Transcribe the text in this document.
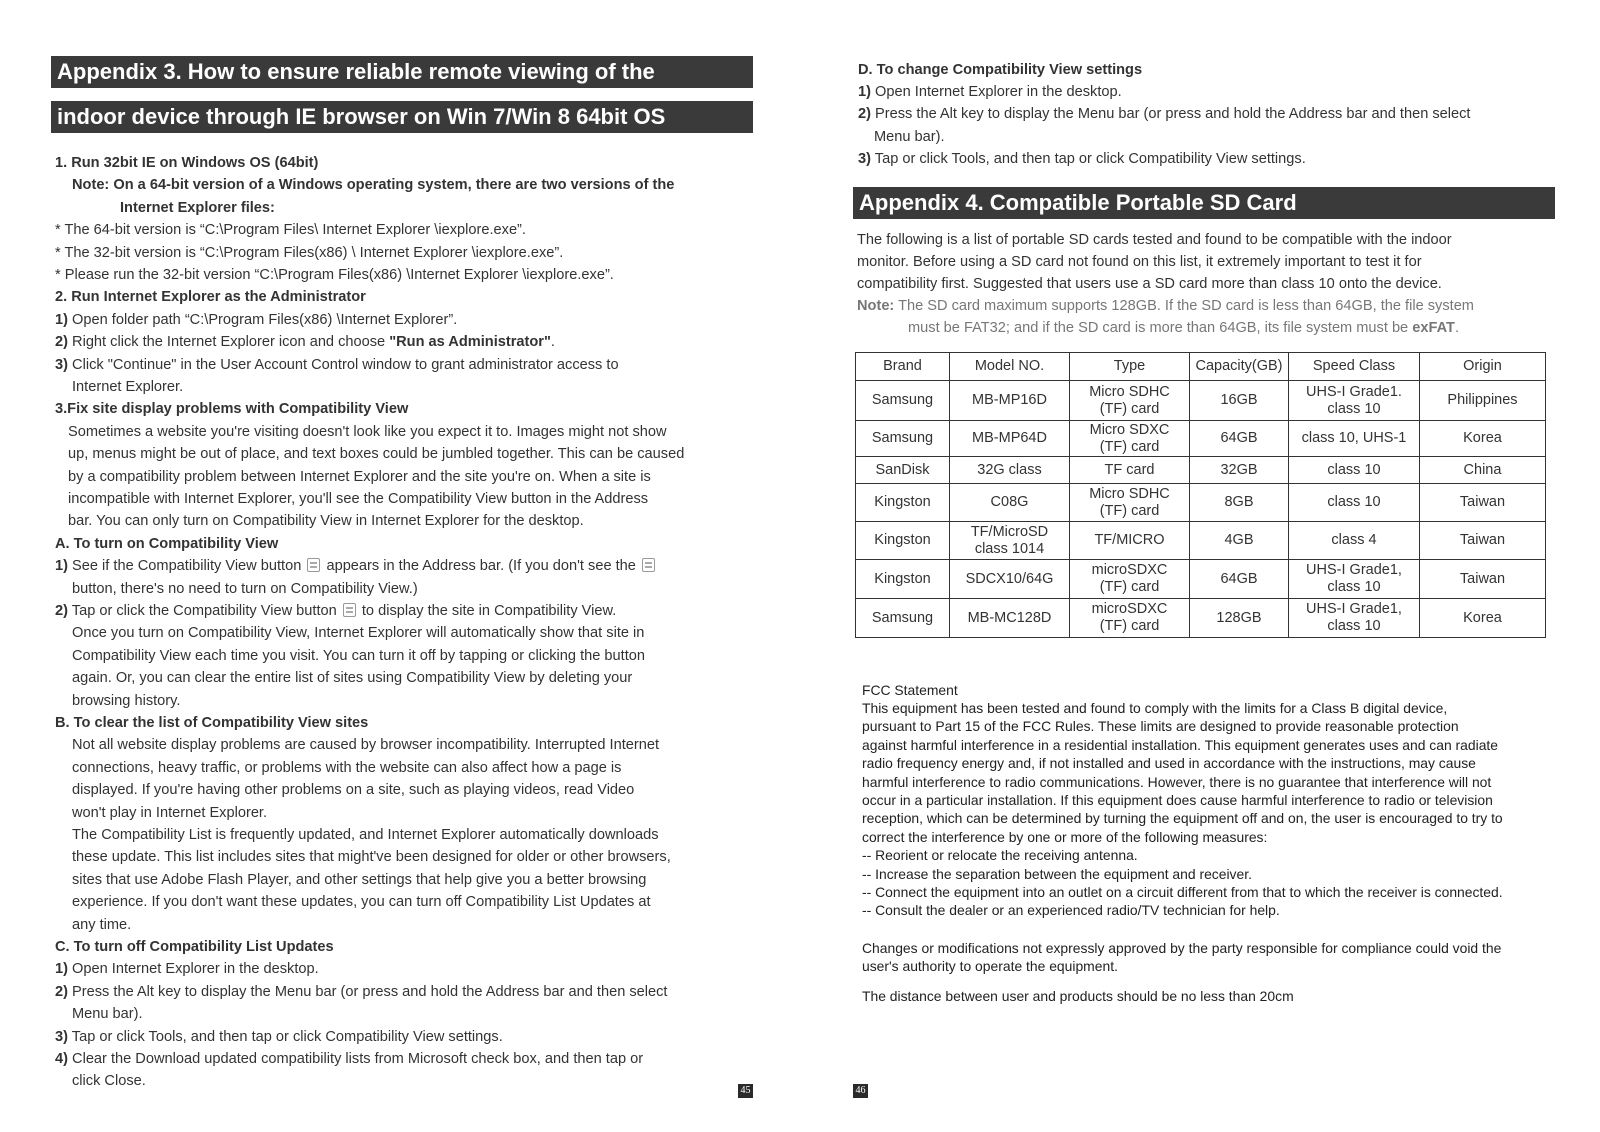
Appendix 3. How to ensure reliable remote viewing of the
indoor device through IE browser on Win 7/Win 8 64bit OS
1. Run 32bit IE on Windows OS (64bit)
Note: On a 64-bit version of a Windows operating system, there are two versions of the
Internet Explorer files:
* The 64-bit version is “C:\Program Files\ Internet Explorer \iexplore.exe”.
* The 32-bit version is “C:\Program Files(x86) \ Internet Explorer \iexplore.exe”.
* Please run the 32-bit version “C:\Program Files(x86) \Internet Explorer \iexplore.exe”.
2. Run Internet Explorer as the Administrator
1) Open folder path “C:\Program Files(x86) \Internet Explorer”.
2) Right click the Internet Explorer icon and choose "Run as Administrator".
3) Click "Continue" in the User Account Control window to grant administrator access to
Internet Explorer.
3.Fix site display problems with Compatibility View
Sometimes a website you're visiting doesn't look like you expect it to. Images might not show
up, menus might be out of place, and text boxes could be jumbled together. This can be caused
by a compatibility problem between Internet Explorer and the site you're on. When a site is
incompatible with Internet Explorer, you'll see the Compatibility View button in the Address
bar. You can only turn on Compatibility View in Internet Explorer for the desktop.
A. To turn on Compatibility View
1) See if the Compatibility View button  appears in the Address bar. (If you don't see the
button, there's no need to turn on Compatibility View.)
2) Tap or click the Compatibility View button  to display the site in Compatibility View.
Once you turn on Compatibility View, Internet Explorer will automatically show that site in
Compatibility View each time you visit. You can turn it off by tapping or clicking the button
again. Or, you can clear the entire list of sites using Compatibility View by deleting your
browsing history.
B. To clear the list of Compatibility View sites
Not all website display problems are caused by browser incompatibility. Interrupted Internet
connections, heavy traffic, or problems with the website can also affect how a page is
displayed. If you're having other problems on a site, such as playing videos, read Video
won't play in Internet Explorer.
The Compatibility List is frequently updated, and Internet Explorer automatically downloads
these update. This list includes sites that might've been designed for older or other browsers,
sites that use Adobe Flash Player, and other settings that help give you a better browsing
experience. If you don't want these updates, you can turn off Compatibility List Updates at
any time.
C. To turn off Compatibility List Updates
1) Open Internet Explorer in the desktop.
2) Press the Alt key to display the Menu bar (or press and hold the Address bar and then select
Menu bar).
3) Tap or click Tools, and then tap or click Compatibility View settings.
4) Clear the Download updated compatibility lists from Microsoft check box, and then tap or
click Close.
45
D. To change Compatibility View settings
1) Open Internet Explorer in the desktop.
2) Press the Alt key to display the Menu bar (or press and hold the Address bar and then select
Menu bar).
3) Tap or click Tools, and then tap or click Compatibility View settings.
Appendix 4. Compatible Portable SD Card
The following is a list of portable SD cards tested and found to be compatible with the indoor
monitor. Before using a SD card not found on this list, it extremely important to test it for
compatibility first. Suggested that users use a SD card more than class 10 onto the device.
Note: The SD card maximum supports 128GB. If the SD card is less than 64GB, the file system
must be FAT32; and if the SD card is more than 64GB, its file system must be exFAT.
46
Brand	Model NO.	Type	Capacity(GB)	Speed Class	Origin
Samsung	MB-MP16D	Micro SDHC
(TF) card	16GB	UHS-I Grade1.
class 10	Philippines
Samsung	MB-MP64D	Micro SDXC
(TF) card	64GB	class 10, UHS-1	Korea
SanDisk	32G class	TF card	32GB	class 10	China
Kingston	C08G	Micro SDHC
(TF) card	8GB	class 10	Taiwan
Kingston	TF/MicroSD
class 1014	TF/MICRO	4GB	class 4	Taiwan
Kingston	SDCX10/64G	microSDXC
(TF) card	64GB	UHS-I Grade1,
class 10	Taiwan
Samsung	MB-MC128D	microSDXC
(TF) card	128GB	UHS-I Grade1,
class 10	Korea
FCC Statement
This equipment has been tested and found to comply with the limits for a Class B digital device,
pursuant to Part 15 of the FCC Rules. These limits are designed to provide reasonable protection
against harmful interference in a residential installation. This equipment generates uses and can radiate
radio frequency energy and, if not installed and used in accordance with the instructions, may cause
harmful interference to radio communications. However, there is no guarantee that interference will not
occur in a particular installation. If this equipment does cause harmful interference to radio or television
reception, which can be determined by turning the equipment off and on, the user is encouraged to try to
correct the interference by one or more of the following measures:
-- Reorient or relocate the receiving antenna.
-- Increase the separation between the equipment and receiver.
-- Connect the equipment into an outlet on a circuit different from that to which the receiver is connected.
-- Consult the dealer or an experienced radio/TV technician for help.
Changes or modifications not expressly approved by the party responsible for compliance could void the
user's authority to operate the equipment.
The distance between user and products should be no less than 20cm
